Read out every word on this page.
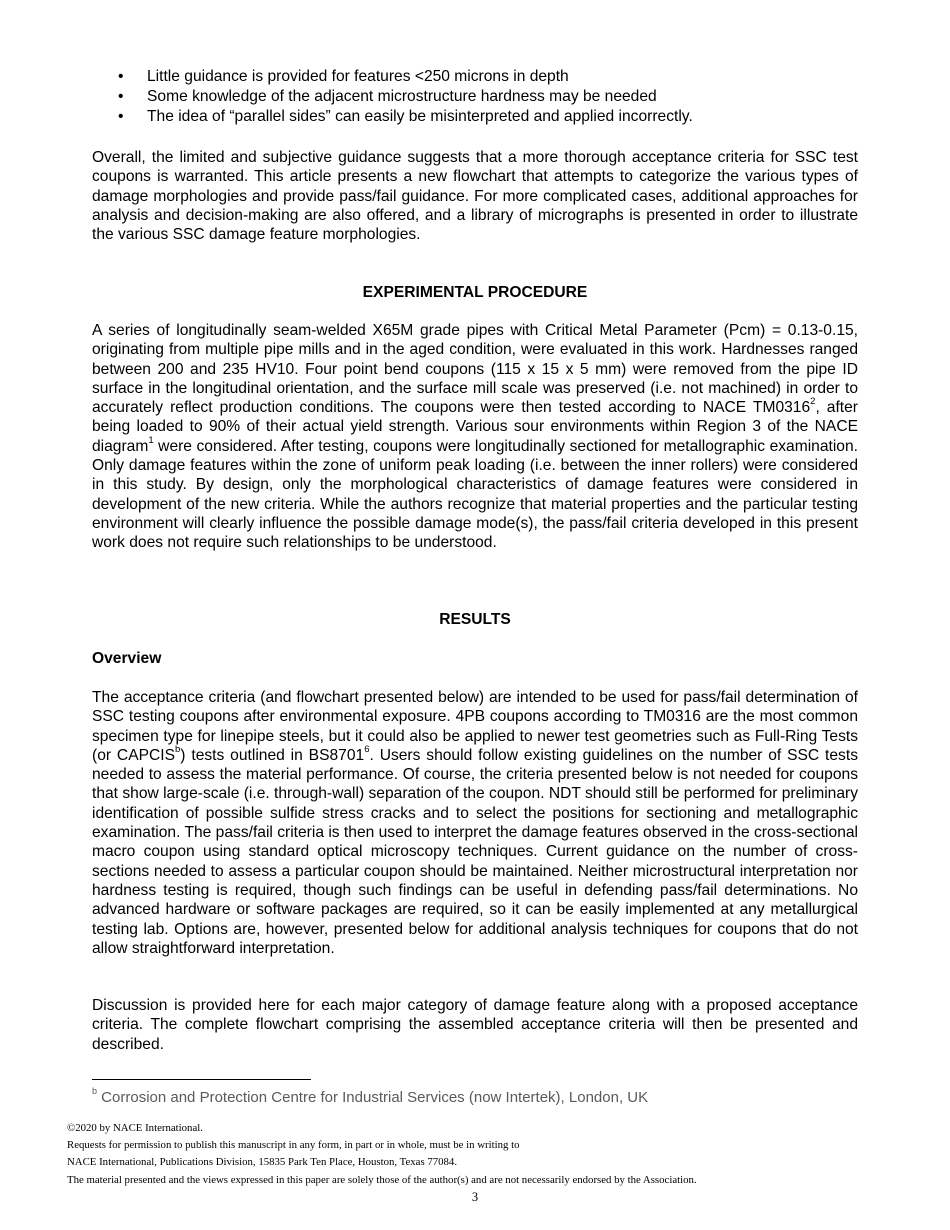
• Little guidance is provided for features <250 microns in depth
• Some knowledge of the adjacent microstructure hardness may be needed
• The idea of “parallel sides” can easily be misinterpreted and applied incorrectly.

Overall, the limited and subjective guidance suggests that a more thorough acceptance criteria for SSC test coupons is warranted. This article presents a new flowchart that attempts to categorize the various types of damage morphologies and provide pass/fail guidance. For more complicated cases, additional approaches for analysis and decision-making are also offered, and a library of micrographs is presented in order to illustrate the various SSC damage feature morphologies.

EXPERIMENTAL PROCEDURE

A series of longitudinally seam-welded X65M grade pipes with Critical Metal Parameter (Pcm) = 0.13-0.15, originating from multiple pipe mills and in the aged condition, were evaluated in this work. Hardnesses ranged between 200 and 235 HV10. Four point bend coupons (115 x 15 x 5 mm) were removed from the pipe ID surface in the longitudinal orientation, and the surface mill scale was preserved (i.e. not machined) in order to accurately reflect production conditions. The coupons were then tested according to NACE TM0316$^2$, after being loaded to 90% of their actual yield strength. Various sour environments within Region 3 of the NACE diagram$^1$ were considered. After testing, coupons were longitudinally sectioned for metallographic examination. Only damage features within the zone of uniform peak loading (i.e. between the inner rollers) were considered in this study. By design, only the morphological characteristics of damage features were considered in development of the new criteria. While the authors recognize that material properties and the particular testing environment will clearly influence the possible damage mode(s), the pass/fail criteria developed in this present work does not require such relationships to be understood.

RESULTS
Overview

The acceptance criteria (and flowchart presented below) are intended to be used for pass/fail determination of SSC testing coupons after environmental exposure. 4PB coupons according to TM0316 are the most common specimen type for linepipe steels, but it could also be applied to newer test geometries such as Full-Ring Tests (or CAPCIS$^b$) tests outlined in BS8701$^6$. Users should follow existing guidelines on the number of SSC tests needed to assess the material performance. Of course, the criteria presented below is not needed for coupons that show large-scale (i.e. through-wall) separation of the coupon. NDT should still be performed for preliminary identification of possible sulfide stress cracks and to select the positions for sectioning and metallographic examination. The pass/fail criteria is then used to interpret the damage features observed in the cross-sectional macro coupon using standard optical microscopy techniques. Current guidance on the number of cross-sections needed to assess a particular coupon should be maintained. Neither microstructural interpretation nor hardness testing is required, though such findings can be useful in defending pass/fail determinations. No advanced hardware or software packages are required, so it can be easily implemented at any metallurgical testing lab. Options are, however, presented below for additional analysis techniques for coupons that do not allow straightforward interpretation.

Discussion is provided here for each major category of damage feature along with a proposed acceptance criteria. The complete flowchart comprising the assembled acceptance criteria will then be presented and described.

$^b$ Corrosion and Protection Centre for Industrial Services (now Intertek), London, UK
©2020 by NACE International.
Requests for permission to publish this manuscript in any form, in part or in whole, must be in writing to
NACE International, Publications Division, 15835 Park Ten Place, Houston, Texas 77084.
The material presented and the views expressed in this paper are solely those of the author(s) and are not necessarily endorsed by the Association.
3
